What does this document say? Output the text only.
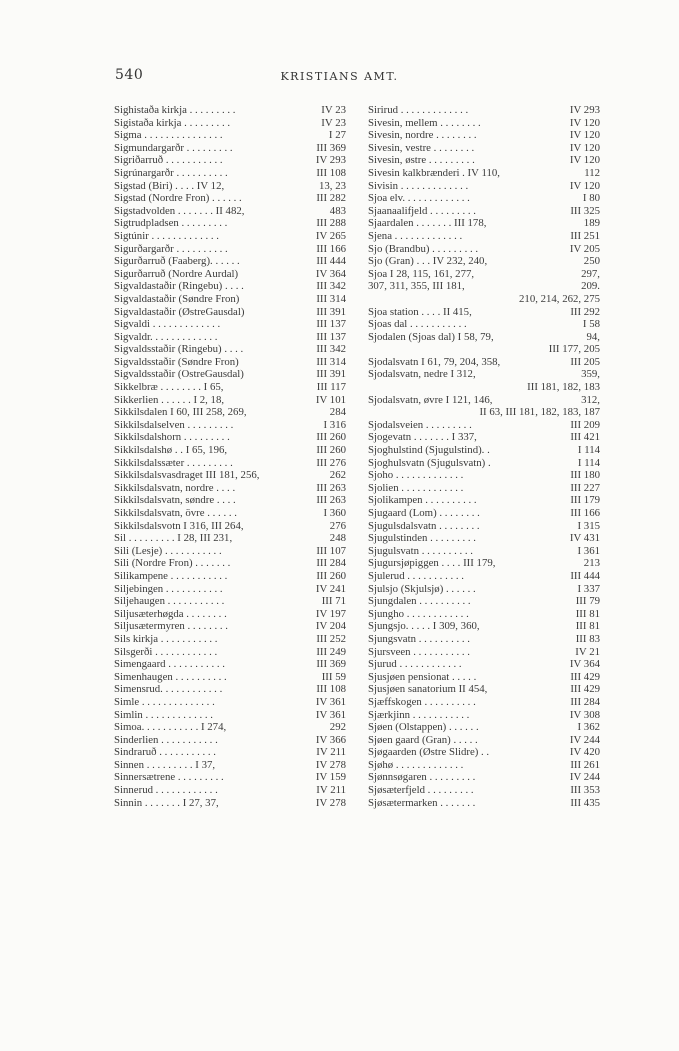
540	KRISTIANS AMT.
Sighistaða kirkja . . . . . . . . .	IV 23
Sigistaða kirkja . . . . . . . . .	IV 23
Sigma . . . . . . . . . . . . . . .	I 27
Sigmundargarðr . . . . . . . . .	III 369
Sigriðarruð . . . . . . . . . . .	IV 293
Sigrúnargarðr . . . . . . . . . .	III 108
Sigstad (Biri) . . . . IV 12,	13, 23
Sigstad (Nordre Fron) . . . . . .	III 282
Sigstadvolden . . . . . . . II 482,	483
Sigtrudpladsen . . . . . . . . .	III 288
Sigtúnir . . . . . . . . . . . . .	IV 265
Sigurðargarðr . . . . . . . . . .	III 166
Sigurðarruð (Faaberg). . . . . .	III 444
Sigurðarruð (Nordre Aurdal)	IV 364
Sigvaldastaðir (Ringebu) . . . .	III 342
Sigvaldastaðir (Søndre Fron)	III 314
Sigvaldastaðir (ØstreGausdal)	III 391
Sigvaldi . . . . . . . . . . . . .	III 137
Sigvaldr. . . . . . . . . . . . .	III 137
Sigvaldsstaðir (Ringebu) . . . .	III 342
Sigvaldsstaðir (Søndre Fron)	III 314
Sigvaldsstaðir (OstreGausdal)	III 391
Sikkelbræ . . . . . . . . I 65,	III 117
Sikkerlien . . . . . . I 2, 18,	IV 101
Sikkilsdalen I 60, III 258, 269,	284
Sikkilsdalselven . . . . . . . . .	I 316
Sikkilsdalshorn . . . . . . . . .	III 260
Sikkilsdalshø . . I 65, 196,	III 260
Sikkilsdalssæter . . . . . . . . .	III 276
Sikkilsdalsvasdraget III 181, 256,	262
Sikkilsdalsvatn, nordre . . . .	III 263
Sikkilsdalsvatn, søndre . . . .	III 263
Sikkilsdalsvatn, övre . . . . . .	I 360
Sikkilsdalsvotn I 316, III 264,	276
Sil . . . . . . . . . I 28, III 231,	248
Sili (Lesje) . . . . . . . . . . .	III 107
Sili (Nordre Fron) . . . . . . .	III 284
Silikampene . . . . . . . . . . .	III 260
Siljebingen . . . . . . . . . . .	IV 241
Siljehaugen . . . . . . . . . . .	III 71
Siljusæterhøgda . . . . . . . .	IV 197
Siljusætermyren . . . . . . . .	IV 204
Sils kirkja . . . . . . . . . . .	III 252
Silsgerði . . . . . . . . . . . .	III 249
Simengaard . . . . . . . . . . .	III 369
Simenhaugen . . . . . . . . . .	III 59
Simensrud. . . . . . . . . . . .	III 108
Simle . . . . . . . . . . . . . .	IV 361
Simlin . . . . . . . . . . . . .	IV 361
Simoa. . . . . . . . . . . I 274,	292
Sinderlien . . . . . . . . . . .	IV 366
Sindraruð . . . . . . . . . . .	IV 211
Sinnen . . . . . . . . . I 37,	IV 278
Sinnersætrene . . . . . . . . .	IV 159
Sinnerud . . . . . . . . . . . .	IV 211
Sinnin . . . . . . . I 27, 37,	IV 278
Sirirud . . . . . . . . . . . . .	IV 293
Sivesin, mellem . . . . . . . .	IV 120
Sivesin, nordre . . . . . . . .	IV 120
Sivesin, vestre . . . . . . . .	IV 120
Sivesin, østre . . . . . . . . .	IV 120
Sivesin kalkbrænderi . IV 110,	112
Sivisin . . . . . . . . . . . . .	IV 120
Sjoa elv. . . . . . . . . . . . .	I 80
Sjaanaalifjeld . . . . . . . . .	III 325
Sjaardalen . . . . . . . III 178,	189
Sjena . . . . . . . . . . . . .	III 251
Sjo (Brandbu) . . . . . . . . .	IV 205
Sjo (Gran) . . . IV 232, 240,	250
Sjoa I 28, 115, 161, 277,	297,
307, 311, 355, III 181,	209.
210, 214, 262, 275
Sjoa station . . . . II 415,	III 292
Sjoas dal . . . . . . . . . . .	I 58
Sjodalen (Sjoas dal) I 58, 79,	94,
III 177, 205
Sjodalsvatn I 61, 79, 204, 358,	III 205
Sjodalsvatn, nedre I 312,	359,
III 181, 182, 183
Sjodalsvatn, øvre I 121, 146,	312,
II 63, III 181, 182, 183, 187
Sjodalsveien . . . . . . . . .	III 209
Sjogevatn . . . . . . . I 337,	III 421
Sjoghulstind (Sjugulstind). .	I 114
Sjoghulsvatn (Sjugulsvatn) .	I 114
Sjoho . . . . . . . . . . . . .	III 180
Sjolien . . . . . . . . . . . .	III 227
Sjolikampen . . . . . . . . . .	III 179
Sjugaard (Lom) . . . . . . . .	III 166
Sjugulsdalsvatn . . . . . . . .	I 315
Sjugulstinden . . . . . . . . .	IV 431
Sjugulsvatn . . . . . . . . . .	I 361
Sjugursjøpiggen . . . . III 179,	213
Sjulerud . . . . . . . . . . .	III 444
Sjulsjo (Skjulsjø) . . . . . .	I 337
Sjungdalen . . . . . . . . . .	III 79
Sjungho . . . . . . . . . . . .	III 81
Sjungsjo. . . . . I 309, 360,	III 81
Sjungsvatn . . . . . . . . . .	III 83
Sjursveen . . . . . . . . . . .	IV 21
Sjurud . . . . . . . . . . . .	IV 364
Sjusjøen pensionat . . . . .	III 429
Sjusjøen sanatorium II 454,	III 429
Sjæffskogen . . . . . . . . . .	III 284
Sjærkjinn . . . . . . . . . . .	IV 308
Sjøen (Olstappen) . . . . . .	I 362
Sjøen gaard (Gran) . . . . .	IV 244
Sjøgaarden (Østre Slidre) . .	IV 420
Sjøhø . . . . . . . . . . . . .	III 261
Sjønnsøgaren . . . . . . . . .	IV 244
Sjøsæterfjeld . . . . . . . . .	III 353
Sjøsætermarken . . . . . . .	III 435
